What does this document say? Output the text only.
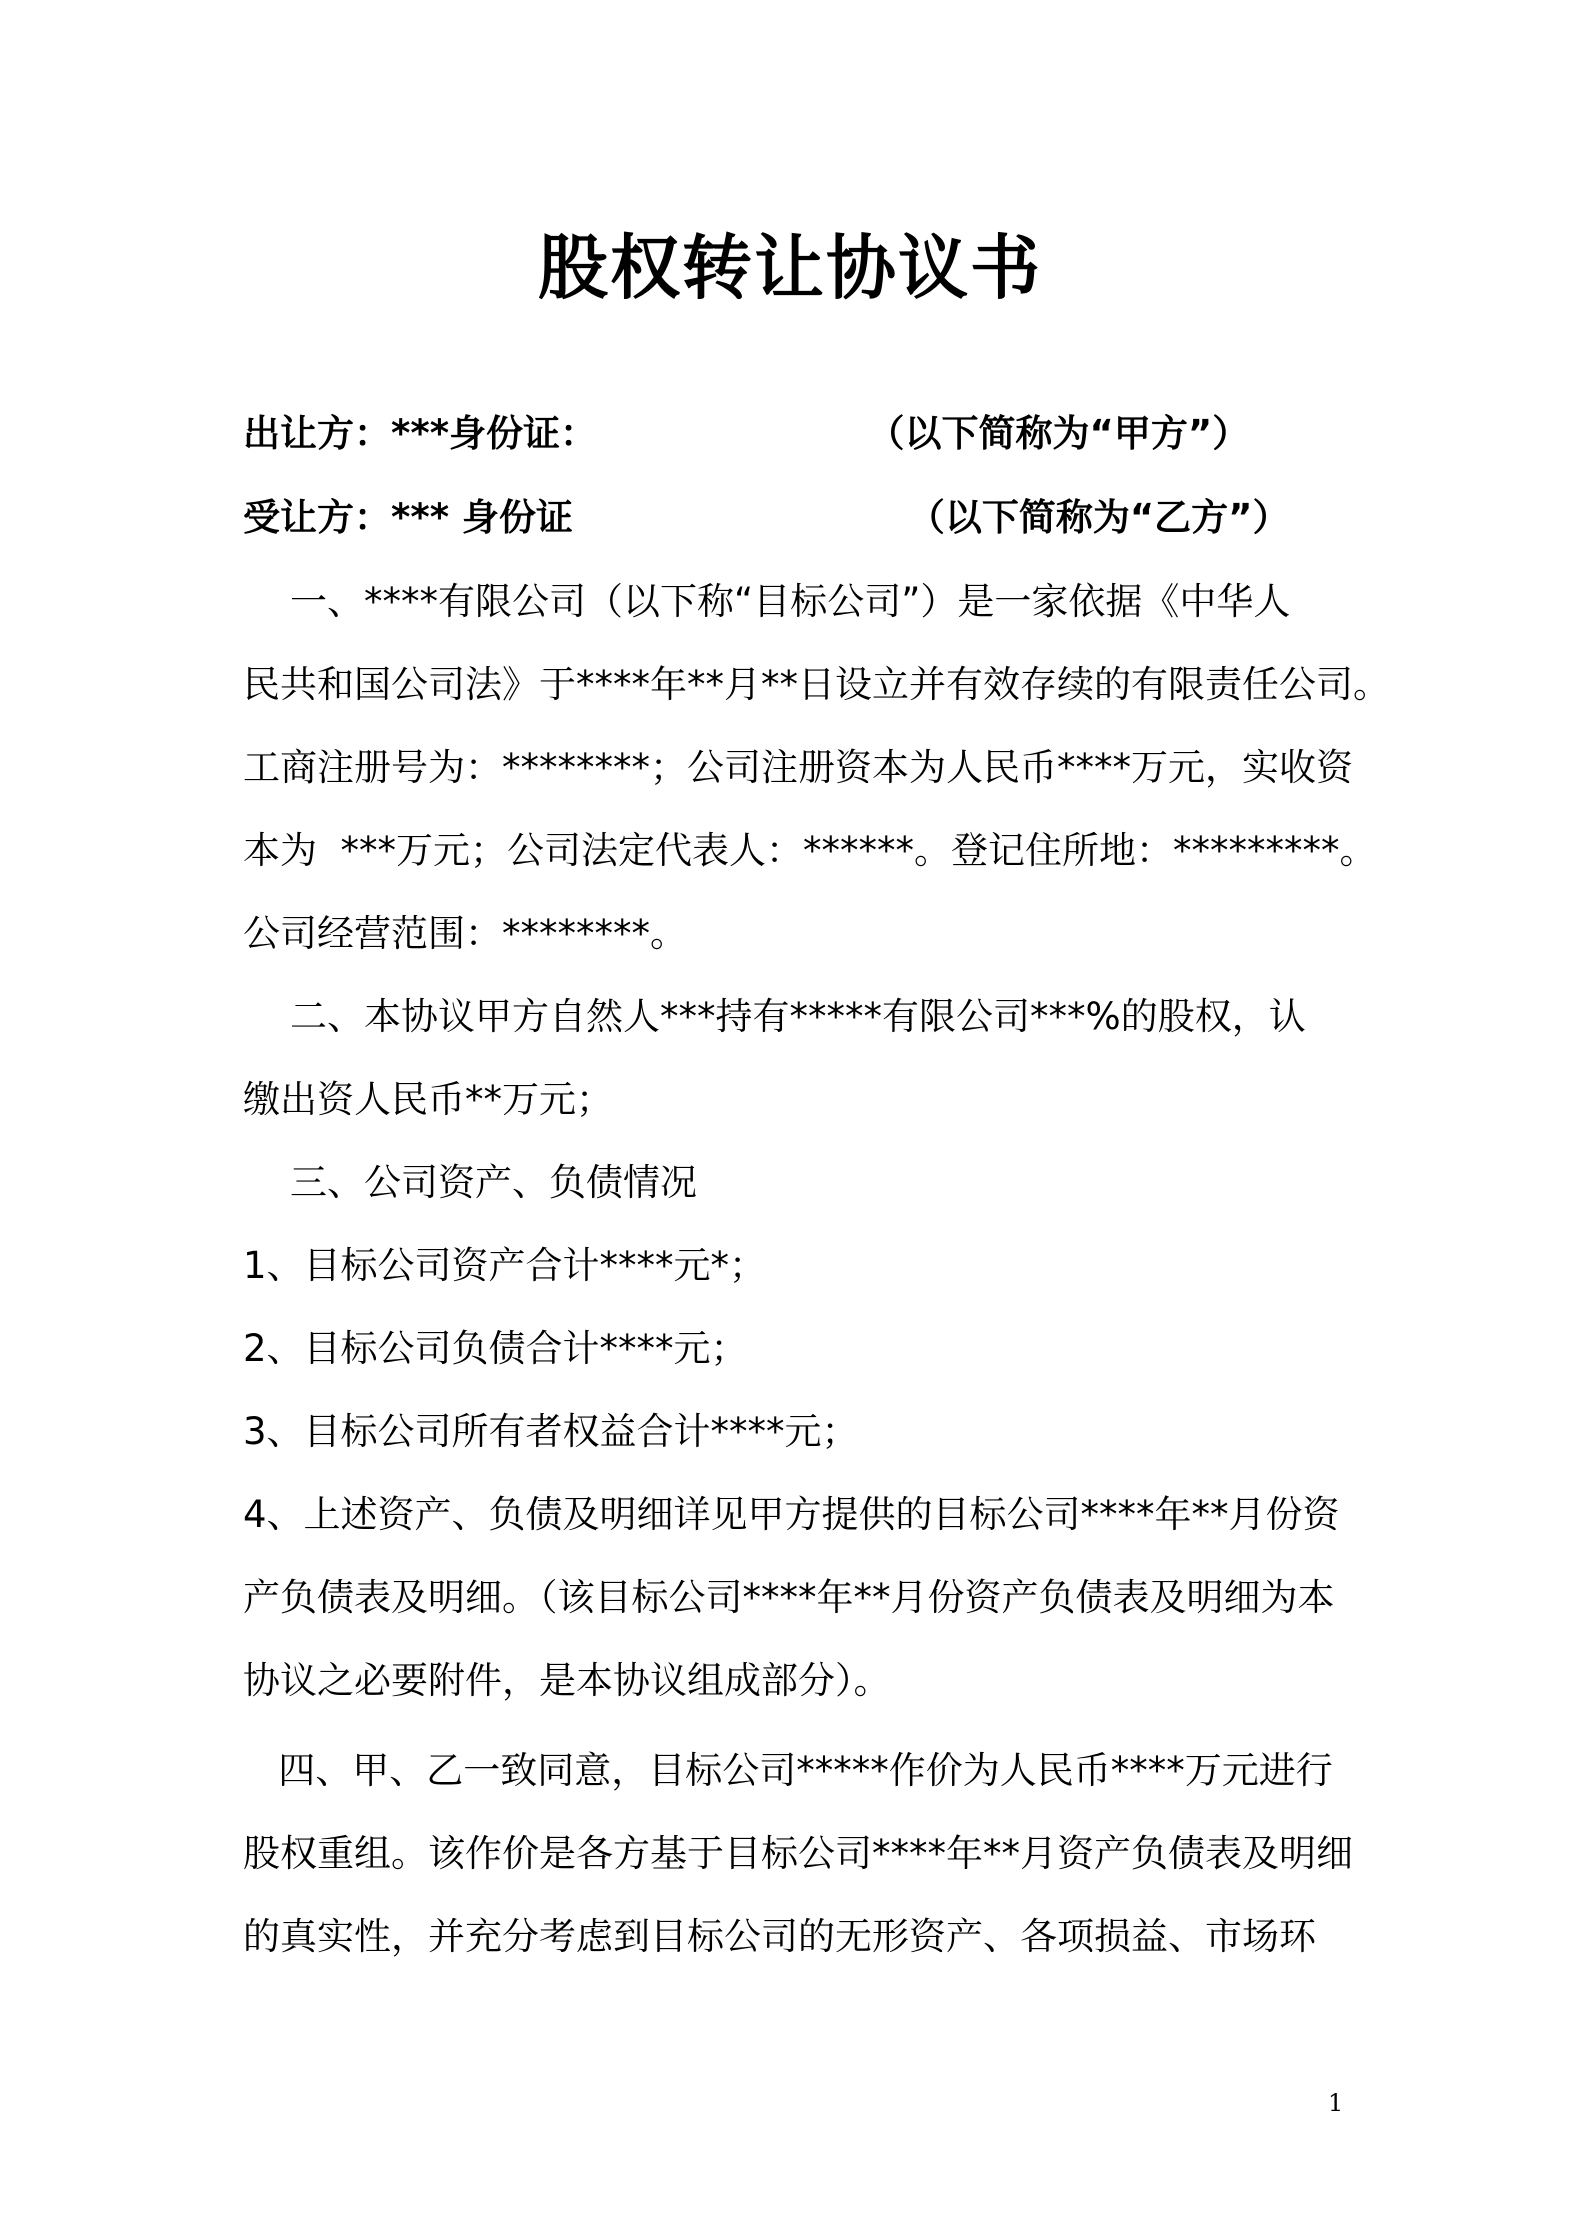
股权转让协议书
出让方：***身份证：                     （以下简称为“甲方”）
受让方：*** 身份证                          （以下简称为“乙方”）
一、****有限公司（以下称“目标公司”）是一家依据《中华人
民共和国公司法》于****年**月**日设立并有效存续的有限责任公司。
工商注册号为：********；公司注册资本为人民币****万元，实收资
本为  ***万元；公司法定代表人：******。登记住所地：*********。
公司经营范围：********。
二、本协议甲方自然人***持有*****有限公司***%的股权，认
缴出资人民币**万元；
三、公司资产、负债情况
1、目标公司资产合计****元*；
2、目标公司负债合计****元；
3、目标公司所有者权益合计****元；
4、上述资产、负债及明细详见甲方提供的目标公司****年**月份资
产负债表及明细。（该目标公司****年**月份资产负债表及明细为本
协议之必要附件，是本协议组成部分）。
四、甲、乙一致同意，目标公司*****作价为人民币****万元进行
股权重组。该作价是各方基于目标公司****年**月资产负债表及明细
的真实性，并充分考虑到目标公司的无形资产、各项损益、市场环
1
